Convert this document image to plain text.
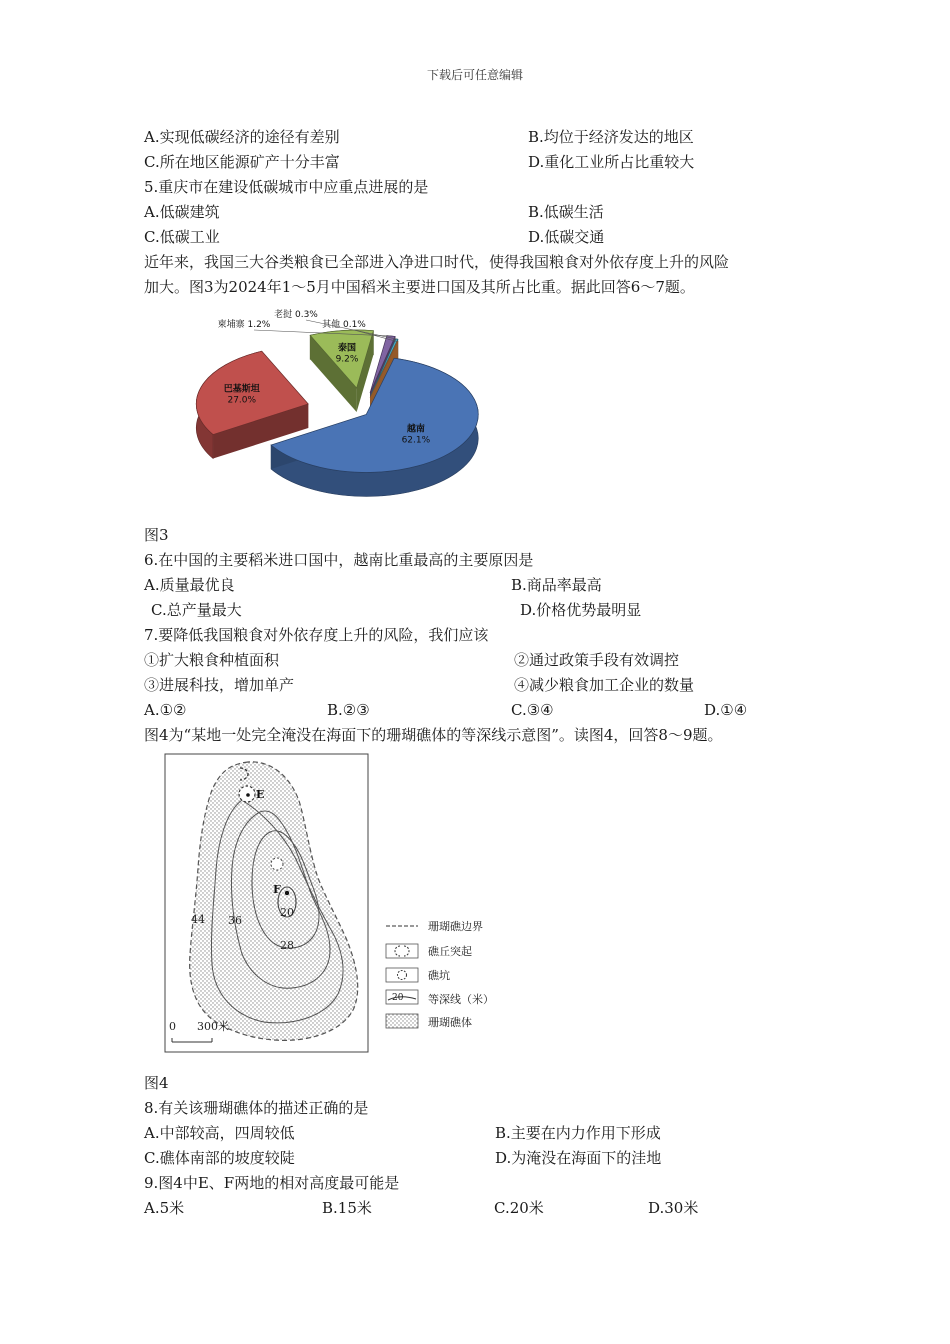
下载后可任意编辑
A.实现低碳经济的途径有差别	B.均位于经济发达的地区
C.所在地区能源矿产十分丰富	D.重化工业所占比重较大
5.重庆市在建设低碳城市中应重点进展的是
A.低碳建筑	B.低碳生活
C.低碳工业	D.低碳交通
近年来，我国三大谷类粮食已全部进入净进口时代，使得我国粮食对外依存度上升的风险
加大。图3为2024年1～5月中国稻米主要进口国及其所占比重。据此回答6～7题。
越南
62.1%
巴基斯坦
27.0%
泰国
9.2%
柬埔寨 1.2%
老挝 0.3%
其他 0.1%
图3
6.在中国的主要稻米进口国中，越南比重最高的主要原因是
A.质量最优良	B.商品率最高
C.总产量最大	D.价格优势最明显
7.要降低我国粮食对外依存度上升的风险，我们应该
①扩大粮食种植面积	②通过政策手段有效调控
③进展科技，增加单产	④减少粮食加工企业的数量
A.①②	B.②③	C.③④	D.①④
图4为“某地一处完全淹没在海面下的珊瑚礁体的等深线示意图”。读图4，回答8～9题。
E
F
44 36
28
20
0 300米
珊瑚礁边界
礁丘突起
礁坑
20 等深线（米）
珊瑚礁体
图4
8.有关该珊瑚礁体的描述正确的是
A.中部较高，四周较低	B.主要在内力作用下形成
C.礁体南部的坡度较陡	D.为淹没在海面下的洼地
9.图4中E、F两地的相对高度最可能是
A.5米	B.15米	C.20米	D.30米
